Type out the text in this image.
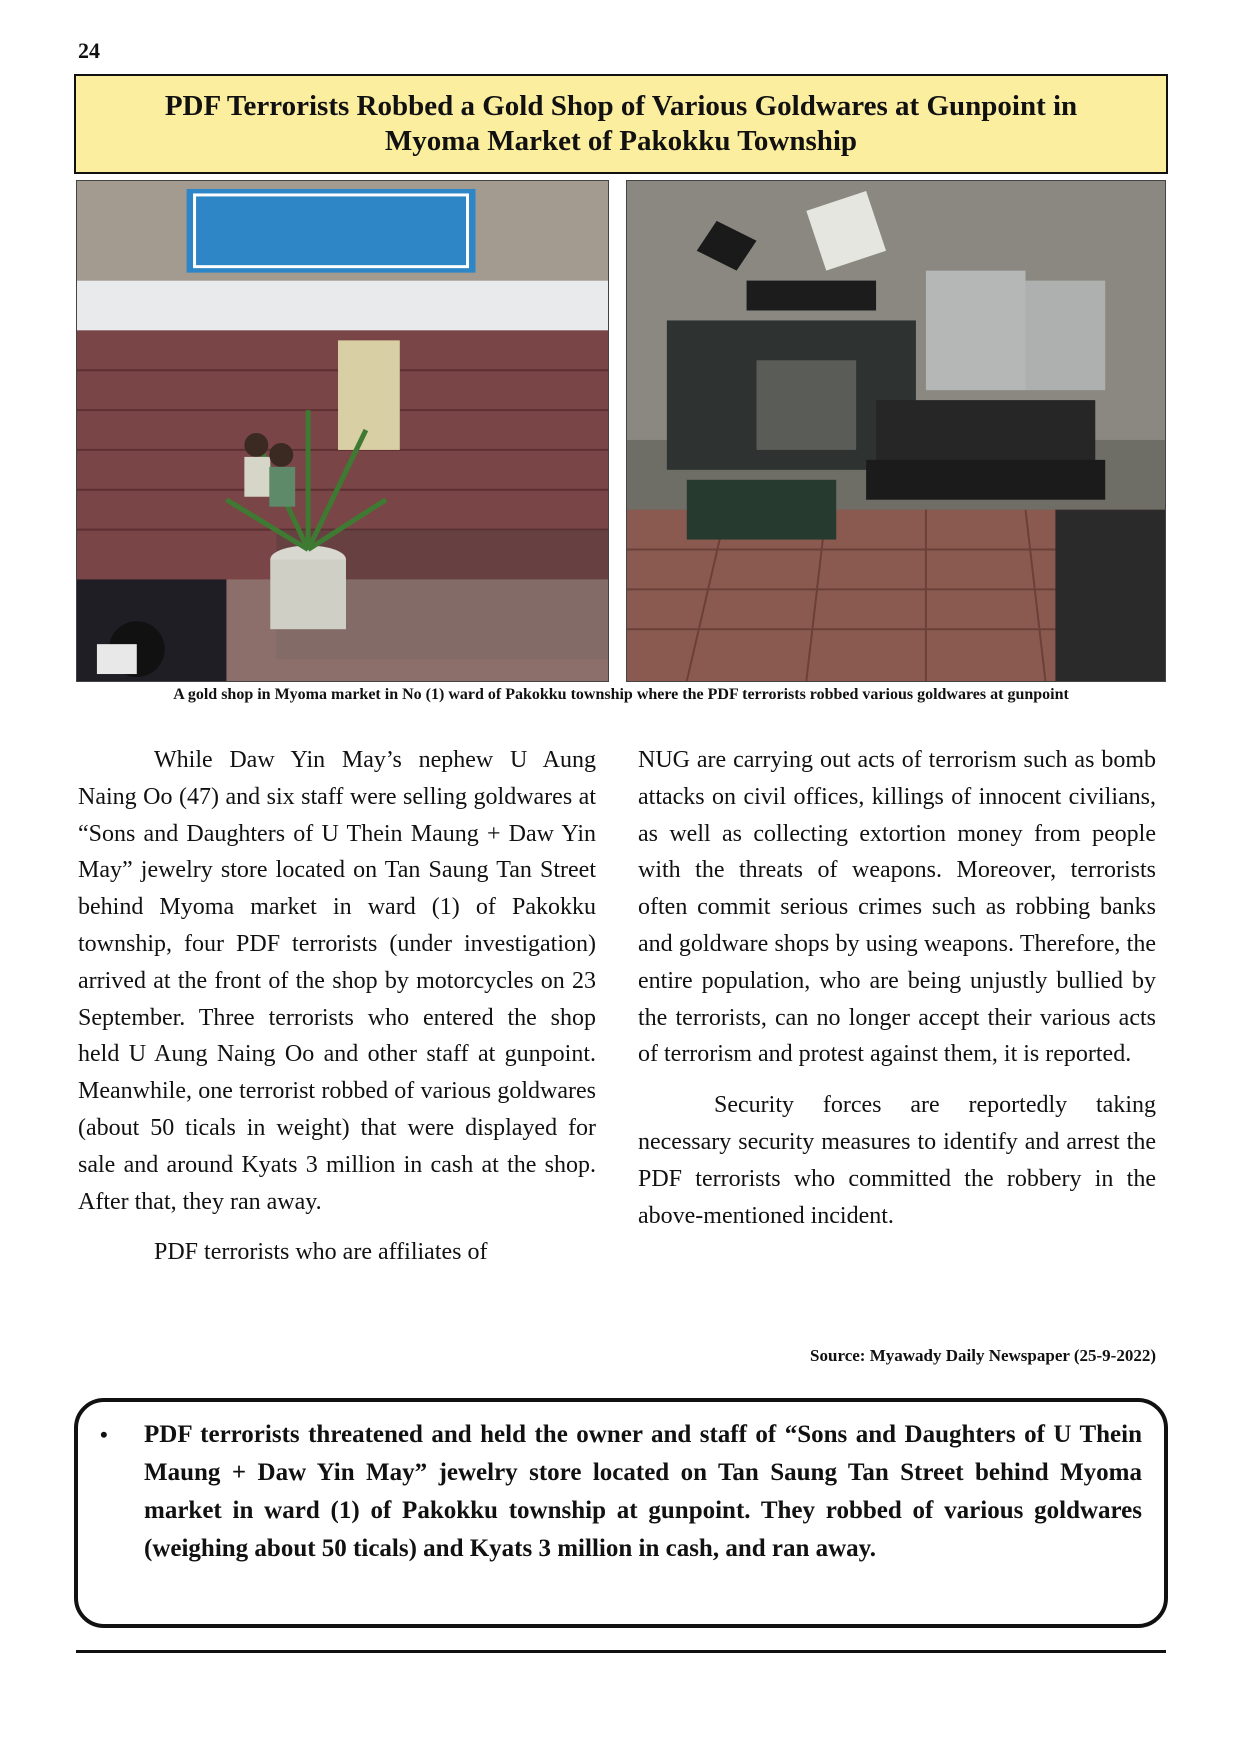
24
PDF Terrorists Robbed a Gold Shop of Various Goldwares at Gunpoint in Myoma Market of Pakokku Township
A gold shop in Myoma market in No (1) ward of Pakokku township where the PDF terrorists robbed various goldwares at gunpoint

While Daw Yin May’s nephew U Aung Naing Oo (47) and six staff were selling goldwares at “Sons and Daughters of U Thein Maung + Daw Yin May” jewelry store located on Tan Saung Tan Street behind Myoma market in ward (1) of Pakokku township, four PDF terrorists (under investigation) arrived at the front of the shop by motorcycles on 23 September. Three terrorists who entered the shop held U Aung Naing Oo and other staff at gunpoint. Meanwhile, one terrorist robbed of various goldwares (about 50 ticals in weight) that were displayed for sale and around Kyats 3 million in cash at the shop. After that, they ran away.

PDF terrorists who are affiliates of

NUG are carrying out acts of terrorism such as bomb attacks on civil offices, killings of innocent civilians, as well as collecting extortion money from people with the threats of weapons. Moreover, terrorists often commit serious crimes such as robbing banks and goldware shops by using weapons. Therefore, the entire population, who are being unjustly bullied by the terrorists, can no longer accept their various acts of terrorism and protest against them, it is reported.

Security forces are reportedly taking necessary security measures to identify and arrest the PDF terrorists who committed the robbery in the above-mentioned incident.

Source: Myawady Daily Newspaper (25-9-2022)
•	PDF terrorists threatened and held the owner and staff of “Sons and Daughters of U Thein Maung + Daw Yin May” jewelry store located on Tan Saung Tan Street behind Myoma market in ward (1) of Pakokku township at gunpoint. They robbed of various goldwares (weighing about 50 ticals) and Kyats 3 million in cash, and ran away.
